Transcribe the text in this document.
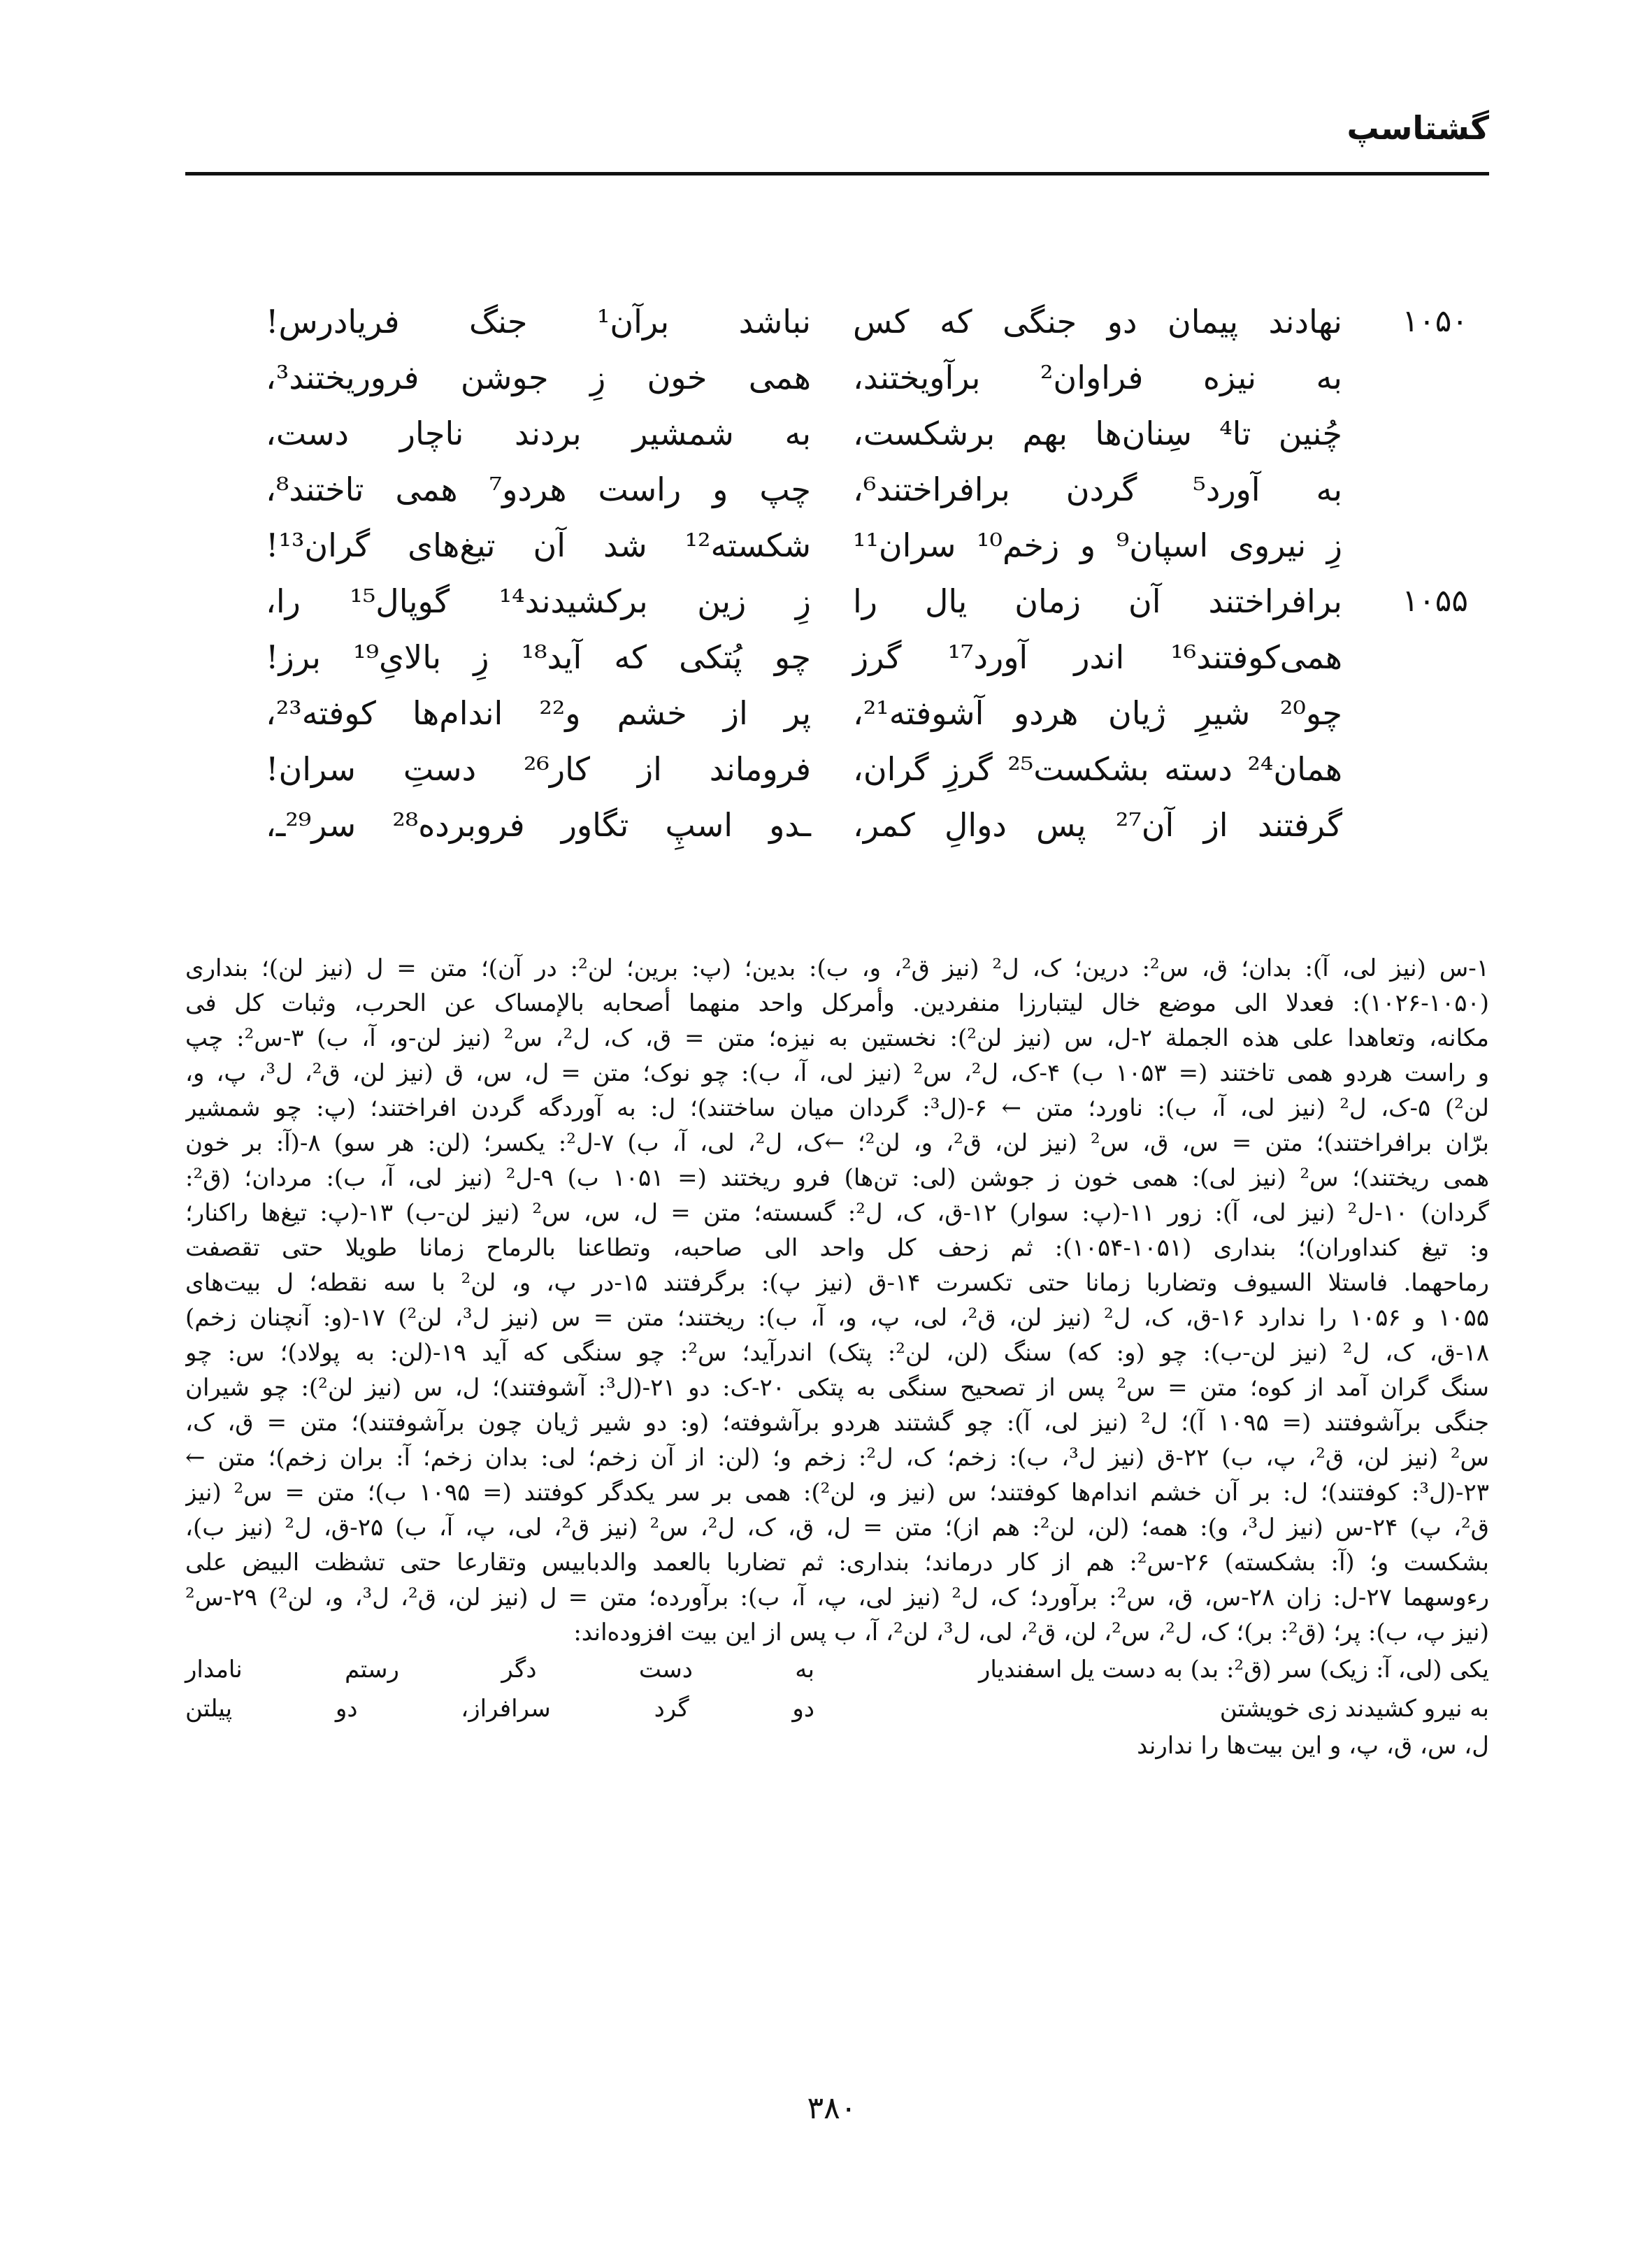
گشتاسپ
۱۰۵۰
نهادند پیمان دو جنگی که کس
نباشد برآن¹ جنگ فریادرس!
به نیزه فراوان² برآویختند،
همی خون زِ جوشن فروریختند³،
چُنین تا⁴ سِنان‌ها بهم برشکست،
به شمشیر بردند ناچار دست،
به آورد⁵ گردن برافراختند⁶،
چپ و راست هردو⁷ همی تاختند⁸،
زِ نیروی اسپان⁹ و زخم¹⁰ سران¹¹
شکسته¹² شد آن تیغ‌های گران¹³!
۱۰۵۵
برافراختند آن زمان یال را
زِ زین برکشیدند¹⁴ گوپال¹⁵ را،
همی‌کوفتند¹⁶ اندر آورد¹⁷ گرز
چو پُتکی که آید¹⁸ زِ بالایِ¹⁹ برز!
چو²⁰ شیرِ ژیان هردو آشوفته²¹،
پر از خشم و²² اندام‌ها کوفته²³،
همان²⁴ دسته بشکست²⁵ گرزِ گران،
فروماند از کار²⁶ دستِ سران!
گرفتند از آن²⁷ پس دوالِ کمر،
ـدو اسپِ تگاور فروبرده²⁸ سر²⁹ـ،
۱-س (نیز لی، آ): بدان؛ ق، س²: درین؛ ک، ل² (نیز ق²، و، ب): بدین؛ (پ: برین؛ لن²: در آن)؛ متن = ل (نیز لن)؛ بنداری
(۱۰۲۶-۱۰۵۰): فعدلا الی موضع خال لیتبارزا منفردین. وأمرکل واحد منهما أصحابه بالإمساک عن الحرب، وثبات کل فی
مکانه، وتعاهدا علی هذه الجملة ۲-ل، س (نیز لن²): نخستین به نیزه؛ متن = ق، ک، ل²، س² (نیز لن-و، آ، ب) ۳-س²: چپ
و راست هردو همی تاختند (= ۱۰۵۳ ب) ۴-ک، ل²، س² (نیز لی، آ، ب): چو نوک؛ متن = ل، س، ق (نیز لن، ق²، ل³، پ، و،
لن²) ۵-ک، ل² (نیز لی، آ، ب): ناورد؛ متن ← ۶-(ل³: گردان میان ساختند)؛ ل: به آوردگه گردن افراختند؛ (پ: چو شمشیر
برّان برافراختند)؛ متن = س، ق، س² (نیز لن، ق²، و، لن²؛ ←ک، ل²، لی، آ، ب) ۷-ل²: یکسر؛ (لن: هر سو) ۸-(آ: بر خون
همی ریختند)؛ س² (نیز لی): همی خون ز جوشن (لی: تن‌ها) فرو ریختند (= ۱۰۵۱ ب) ۹-ل² (نیز لی، آ، ب): مردان؛ (ق²:
گردان) ۱۰-ل² (نیز لی، آ): زور ۱۱-(پ: سوار) ۱۲-ق، ک، ل²: گسسته؛ متن = ل، س، س² (نیز لن-ب) ۱۳-(پ: تیغ‌ها راکنار؛
و: تیغ کنداوران)؛ بنداری (۱۰۵۱-۱۰۵۴): ثم زحف کل واحد الی صاحبه، وتطاعنا بالرماح زمانا طویلا حتی تقصفت
رماحهما. فاستلا السیوف وتضاربا زمانا حتی تکسرت ۱۴-ق (نیز پ): برگرفتند ۱۵-در پ، و، لن² با سه نقطه؛ ل بیت‌های
۱۰۵۵ و ۱۰۵۶ را ندارد ۱۶-ق، ک، ل² (نیز لن، ق²، لی، پ، و، آ، ب): ریختند؛ متن = س (نیز ل³، لن²) ۱۷-(و: آنچنان زخم)
۱۸-ق، ک، ل² (نیز لن-ب): چو (و: که) سنگ (لن، لن²: پتک) اندرآید؛ س²: چو سنگی که آید ۱۹-(لن: به پولاد)؛ س: چو
سنگ گران آمد از کوه؛ متن = س² پس از تصحیح سنگی به پتکی ۲۰-ک: دو ۲۱-(ل³: آشوفتند)؛ ل، س (نیز لن²): چو شیران
جنگی برآشوفتند (= ۱۰۹۵ آ)؛ ل² (نیز لی، آ): چو گشتند هردو برآشوفته؛ (و: دو شیر ژیان چون برآشوفتند)؛ متن = ق، ک،
س² (نیز لن، ق²، پ، ب) ۲۲-ق (نیز ل³، ب): زخم؛ ک، ل²: زخم و؛ (لن: از آن زخم؛ لی: بدان زخم؛ آ: بران زخم)؛ متن ←
۲۳-(ل³: کوفتند)؛ ل: بر آن خشم اندام‌ها کوفتند؛ س (نیز و، لن²): همی بر سر یکدگر کوفتند (= ۱۰۹۵ ب)؛ متن = س² (نیز
ق²، پ) ۲۴-س (نیز ل³، و): همه؛ (لن، لن²: هم از)؛ متن = ل، ق، ک، ل²، س² (نیز ق²، لی، پ، آ، ب) ۲۵-ق، ل² (نیز ب)،
بشکست و؛ (آ: بشکسته) ۲۶-س²: هم از کار درماند؛ بنداری: ثم تضاربا بالعمد والدبابیس وتقارعا حتی تشظت البیض علی
رءوسهما ۲۷-ل: زان ۲۸-س، ق، س²: برآورد؛ ک، ل² (نیز لی، پ، آ، ب): برآورده؛ متن = ل (نیز لن، ق²، ل³، و، لن²) ۲۹-س²
(نیز پ، ب): پر؛ (ق²: بر)؛ ک، ل²، س²، لن، ق²، لی، ل³، لن²، آ، ب پس از این بیت افزوده‌اند:
یکی (لی، آ: زیک) سر (ق²: بد) به دست یل اسفندیار
به دست دگر رستم نامدار
به نیرو کشیدند زی خویشتن
دو گرد سرافراز، دو پیلتن
ل، س، ق، پ، و این بیت‌ها را ندارند
۳۸۰
